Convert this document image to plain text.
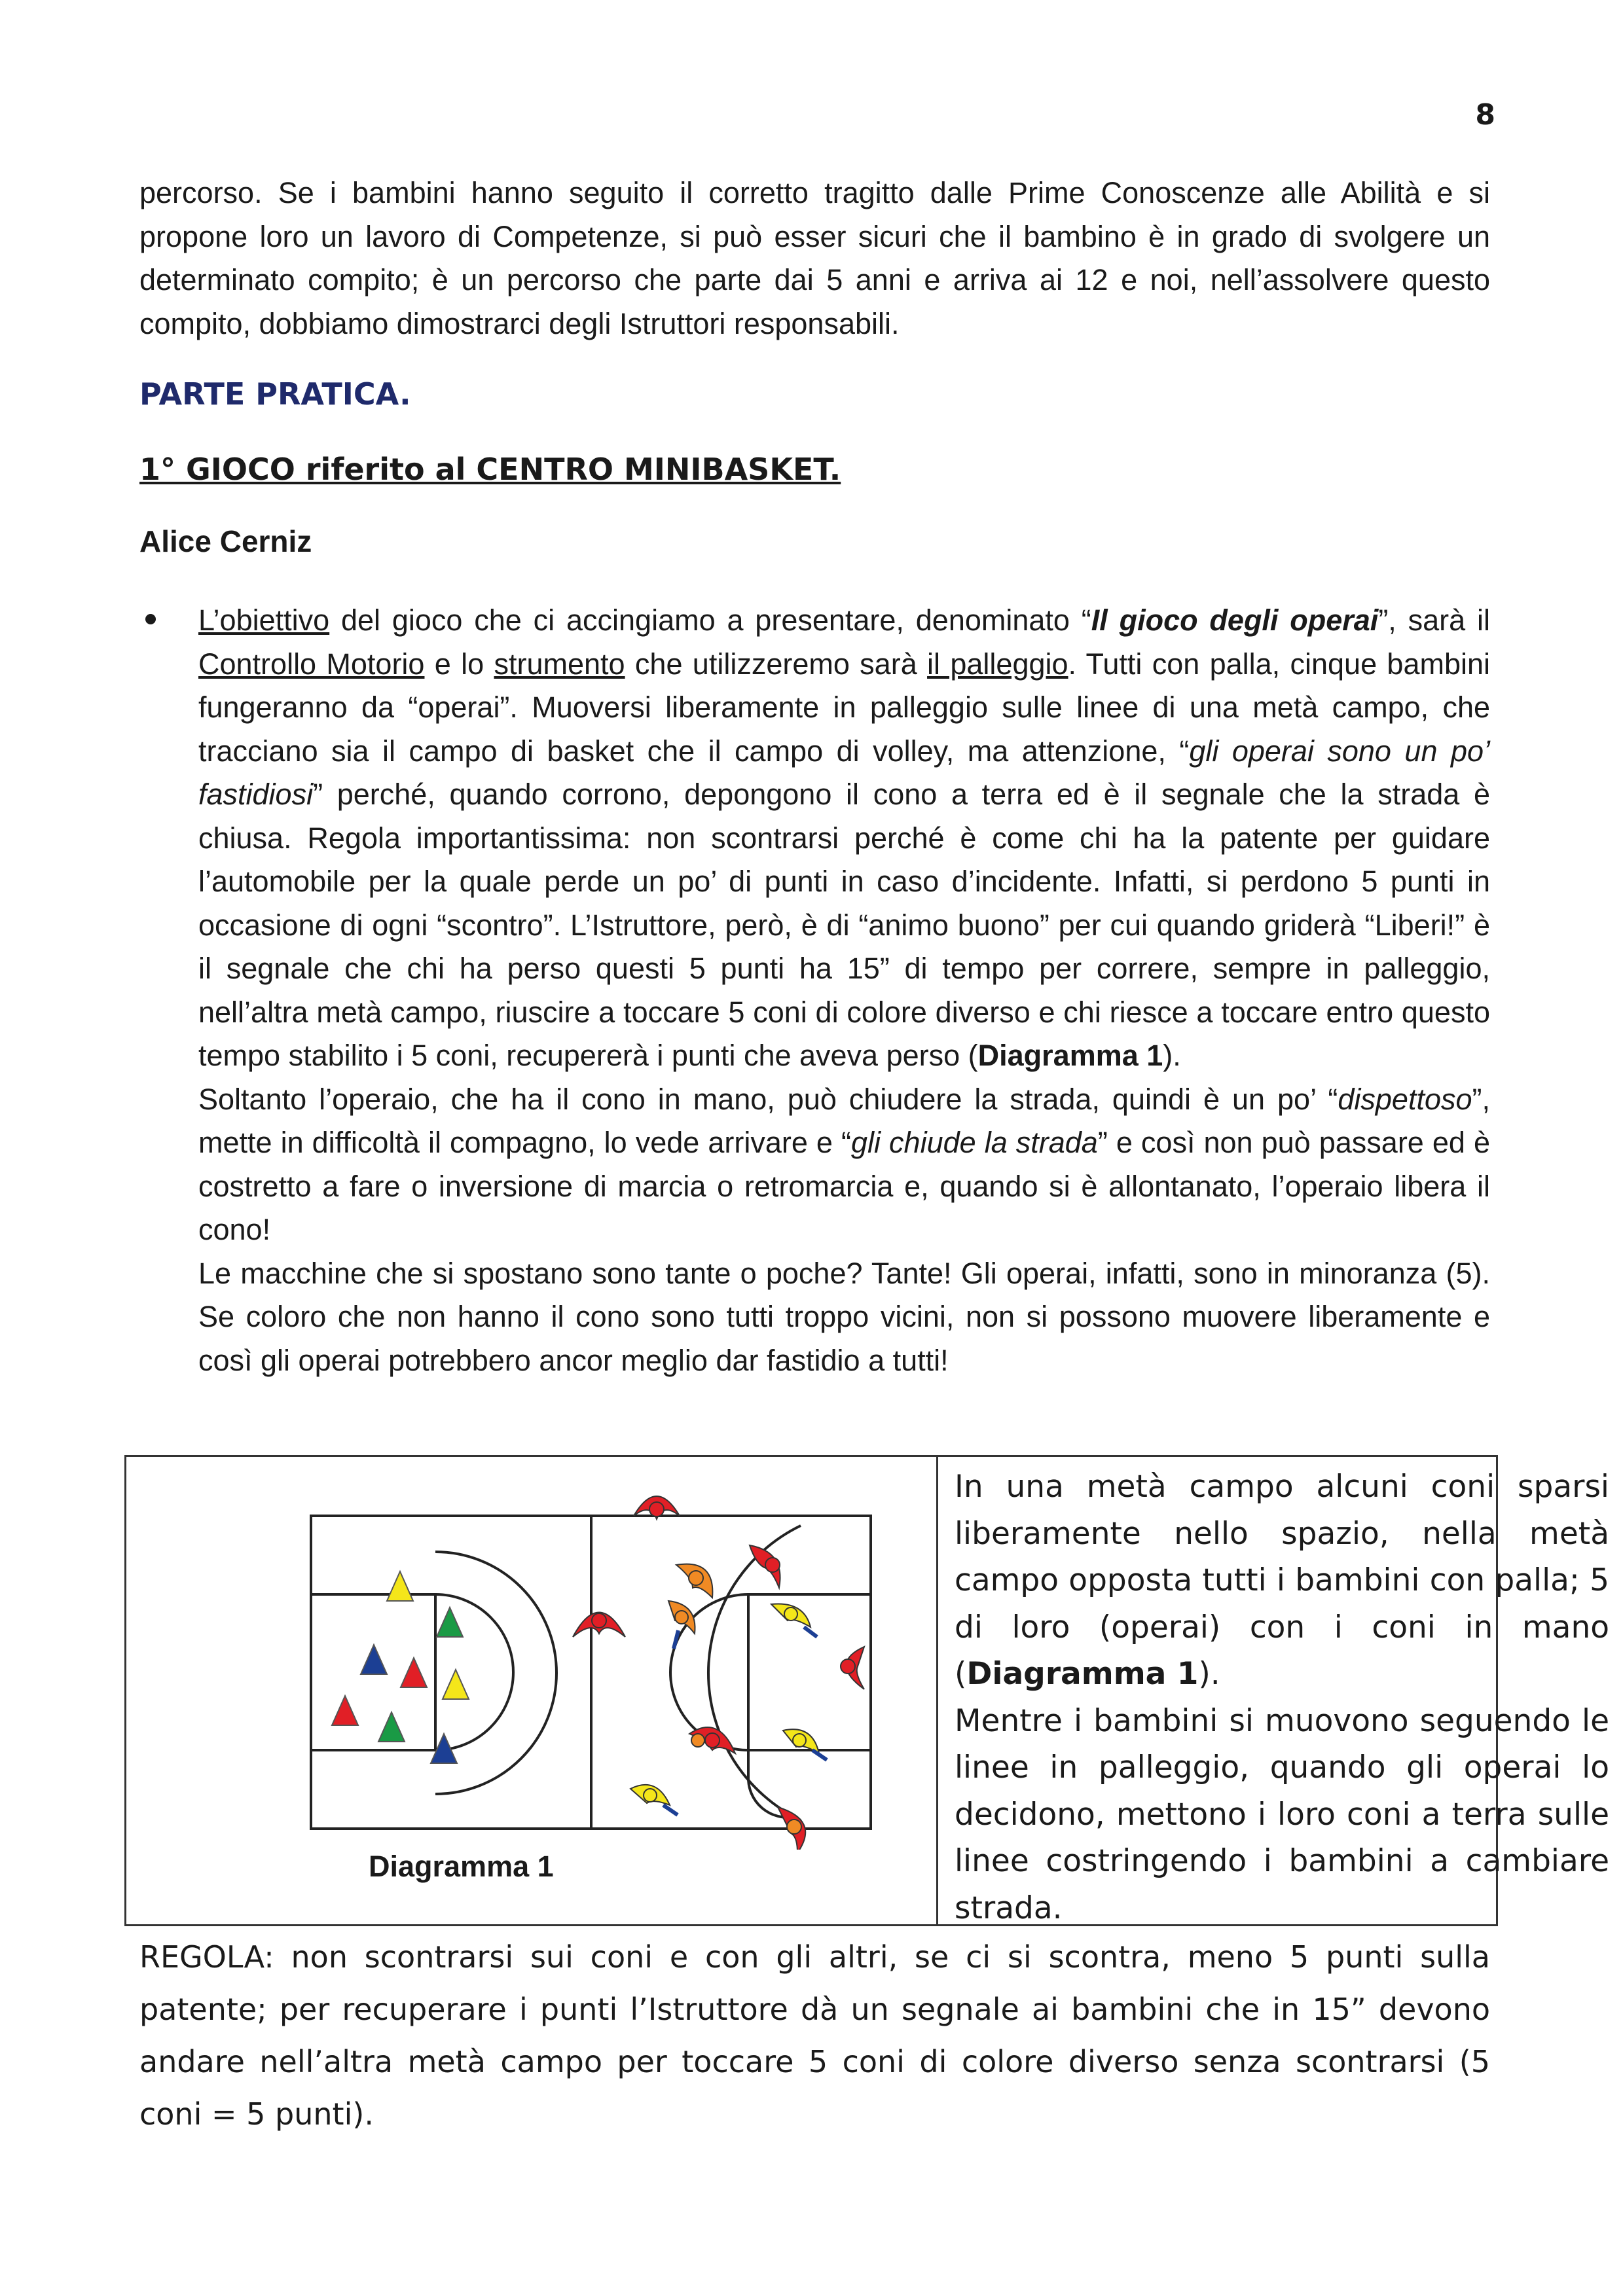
8

percorso. Se i bambini hanno seguito il corretto tragitto dalle Prime Conoscenze alle Abilità e si propone loro un lavoro di Competenze, si può esser sicuri che il bambino è in grado di svolgere un determinato compito; è un percorso che parte dai 5 anni e arriva ai 12 e noi, nell’assolvere questo compito, dobbiamo dimostrarci degli Istruttori responsabili.

PARTE PRATICA.
1° GIOCO riferito al CENTRO MINIBASKET.
Alice Cerniz

L’obiettivo del gioco che ci accingiamo a presentare, denominato “Il gioco degli operai”, sarà il Controllo Motorio e lo strumento che utilizzeremo sarà il palleggio. Tutti con palla, cinque bambini fungeranno da “operai”. Muoversi liberamente in palleggio sulle linee di una metà campo, che tracciano sia il campo di basket che il campo di volley, ma attenzione, “gli operai sono un po’ fastidiosi” perché, quando corrono, depongono il cono a terra ed è il segnale che la strada è chiusa. Regola importantissima: non scontrarsi perché è come chi ha la patente per guidare l’automobile per la quale perde un po’ di punti in caso d’incidente. Infatti, si perdono 5 punti in occasione di ogni “scontro”. L’Istruttore, però, è di “animo buono” per cui quando griderà “Liberi!” è il segnale che chi ha perso questi 5 punti ha 15” di tempo per correre, sempre in palleggio, nell’altra metà campo, riuscire a toccare 5 coni di colore diverso e chi riesce a toccare entro questo tempo stabilito i 5 coni, recupererà i punti che aveva perso (Diagramma 1).

Soltanto l’operaio, che ha il cono in mano, può chiudere la strada, quindi è un po’ “dispettoso”, mette in difficoltà il compagno, lo vede arrivare e “gli chiude la strada” e così non può passare ed è costretto a fare o inversione di marcia o retromarcia e, quando si è allontanato, l’operaio libera il cono!

Le macchine che si spostano sono tante o poche? Tante! Gli operai, infatti, sono in minoranza (5). Se coloro che non hanno il cono sono tutti troppo vicini, non si possono muovere liberamente e così gli operai potrebbero ancor meglio dar fastidio a tutti!

Diagramma 1
In una metà campo alcuni coni sparsi liberamente nello spazio, nella metà campo opposta tutti i bambini con palla; 5 di loro (operai) con i coni in mano (Diagramma 1).
Mentre i bambini si muovono seguendo le linee in palleggio, quando gli operai lo decidono, mettono i loro coni a terra sulle linee costringendo i bambini a cambiare strada.
REGOLA: non scontrarsi sui coni e con gli altri, se ci si scontra, meno 5 punti sulla patente; per recuperare i punti l’Istruttore dà un segnale ai bambini che in 15” devono andare nell’altra metà campo per toccare 5 coni di colore diverso senza scontrarsi (5 coni = 5 punti).
